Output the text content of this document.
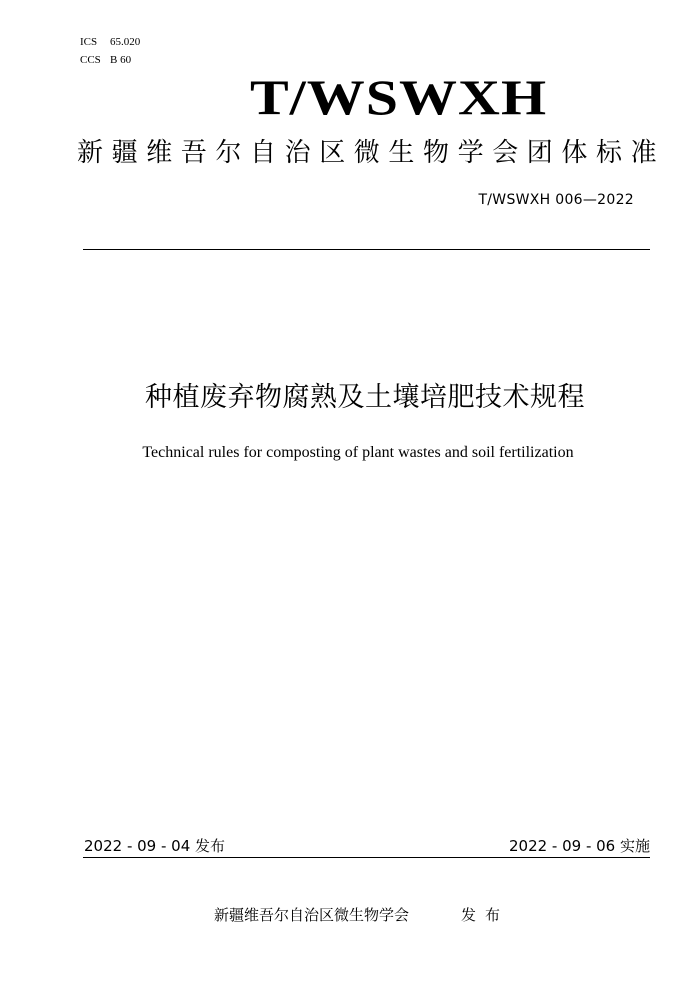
ICS 65.020
CCS B 60
T/WSWXH
新疆维吾尔自治区微生物学会团体标准
T/WSWXH 006—2022
种植废弃物腐熟及土壤培肥技术规程
Technical rules for composting of plant wastes and soil fertilization
2022 - 09 - 04 发布	2022 - 09 - 06 实施
新疆维吾尔自治区微生物学会	发布
